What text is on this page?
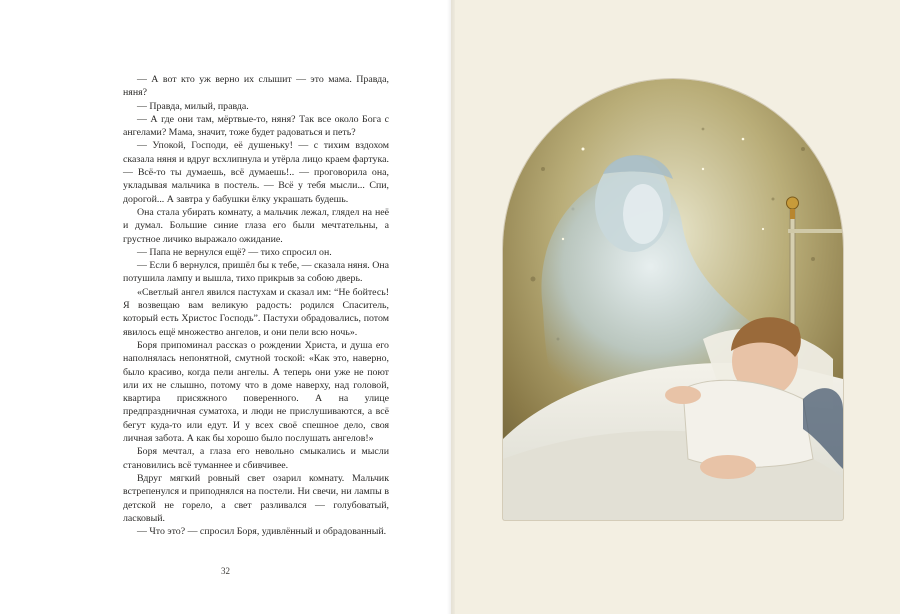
— А вот кто уж верно их слышит — это мама. Правда, няня?

— Правда, милый, правда.

— А где они там, мёртвые-то, няня? Так все около Бога с ангелами? Мама, значит, тоже будет радоваться и петь?

— Упокой, Господи, её душеньку! — с тихим вздохом сказала няня и вдруг всхлипнула и утёрла лицо краем фартука. — Всё-то ты думаешь, всё думаешь!.. — проговорила она, укладывая мальчика в постель. — Всё у тебя мысли... Спи, дорогой... А завтра у бабушки ёлку украшать будешь.

Она стала убирать комнату, а мальчик лежал, глядел на неё и думал. Большие синие глаза его были мечтательны, а грустное личико выражало ожидание.

— Папа не вернулся ещё? — тихо спросил он.

— Если б вернулся, пришёл бы к тебе, — сказала няня. Она потушила лампу и вышла, тихо прикрыв за собою дверь.

«Светлый ангел явился пастухам и сказал им: “Не бойтесь! Я возвещаю вам великую радость: родился Спаситель, который есть Христос Господь”. Пастухи обрадовались, потом явилось ещё множество ангелов, и они пели всю ночь».

Боря припоминал рассказ о рождении Христа, и душа его наполнялась непонятной, смутной тоской: «Как это, наверно, было красиво, когда пели ангелы. А теперь они уже не поют или их не слышно, потому что в доме наверху, над головой, квартира присяжного поверенного. А на улице предпраздничная суматоха, и люди не прислушиваются, а всё бегут куда-то или едут. И у всех своё спешное дело, своя личная забота. А как бы хорошо было послушать ангелов!»

Боря мечтал, а глаза его невольно смыкались и мысли становились всё туманнее и сбивчивее.

Вдруг мягкий ровный свет озарил комнату. Мальчик встрепенулся и приподнялся на постели. Ни свечи, ни лампы в детской не горело, а свет разливался — голубоватый, ласковый.

— Что это? — спросил Боря, удивлённый и обрадованный.

32
